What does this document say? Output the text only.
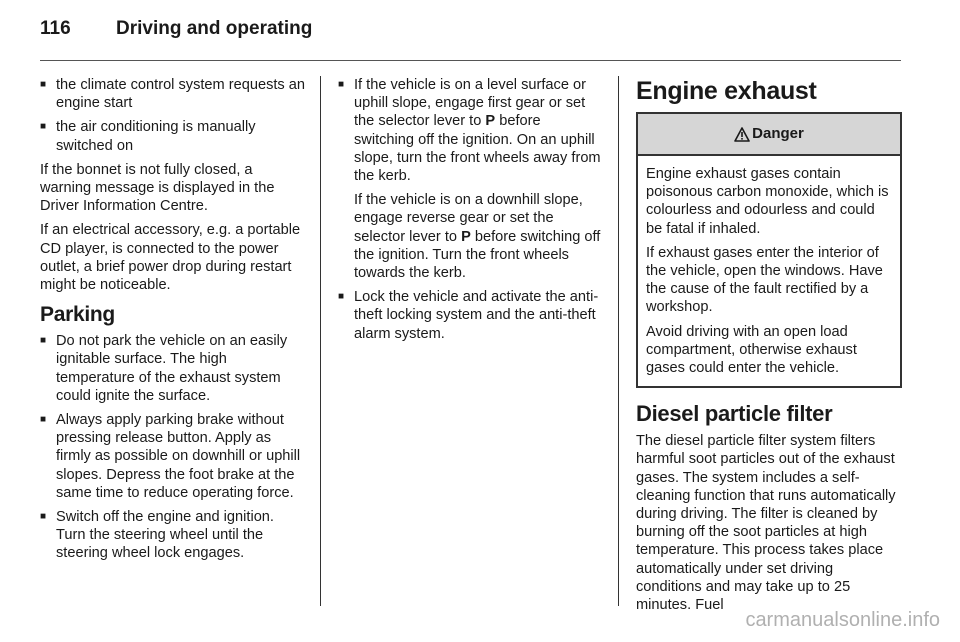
116 Driving and operating
■ the climate control system requests an engine start
■ the air conditioning is manually switched on

If the bonnet is not fully closed, a warning message is displayed in the Driver Information Centre.

If an electrical accessory, e.g. a portable CD player, is connected to the power outlet, a brief power drop during restart might be noticeable.

Parking
■ Do not park the vehicle on an easily ignitable surface. The high temperature of the exhaust system could ignite the surface.
■ Always apply parking brake without pressing release button. Apply as firmly as possible on downhill or uphill slopes. Depress the foot brake at the same time to reduce operating force.
■ Switch off the engine and ignition. Turn the steering wheel until the steering wheel lock engages.
■ If the vehicle is on a level surface or uphill slope, engage first gear or set the selector lever to P before switching off the ignition. On an uphill slope, turn the front wheels away from the kerb.

If the vehicle is on a downhill slope, engage reverse gear or set the selector lever to P before switching off the ignition. Turn the front wheels towards the kerb.

■ Lock the vehicle and activate the anti-theft locking system and the anti-theft alarm system.
Engine exhaust
Danger

Engine exhaust gases contain poisonous carbon monoxide, which is colourless and odourless and could be fatal if inhaled.

If exhaust gases enter the interior of the vehicle, open the windows. Have the cause of the fault rectified by a workshop.

Avoid driving with an open load compartment, otherwise exhaust gases could enter the vehicle.

Diesel particle filter

The diesel particle filter system filters harmful soot particles out of the exhaust gases. The system includes a self-cleaning function that runs automatically during driving. The filter is cleaned by burning off the soot particles at high temperature. This process takes place automatically under set driving conditions and may take up to 25 minutes. Fuel

carmanualsonline.info
